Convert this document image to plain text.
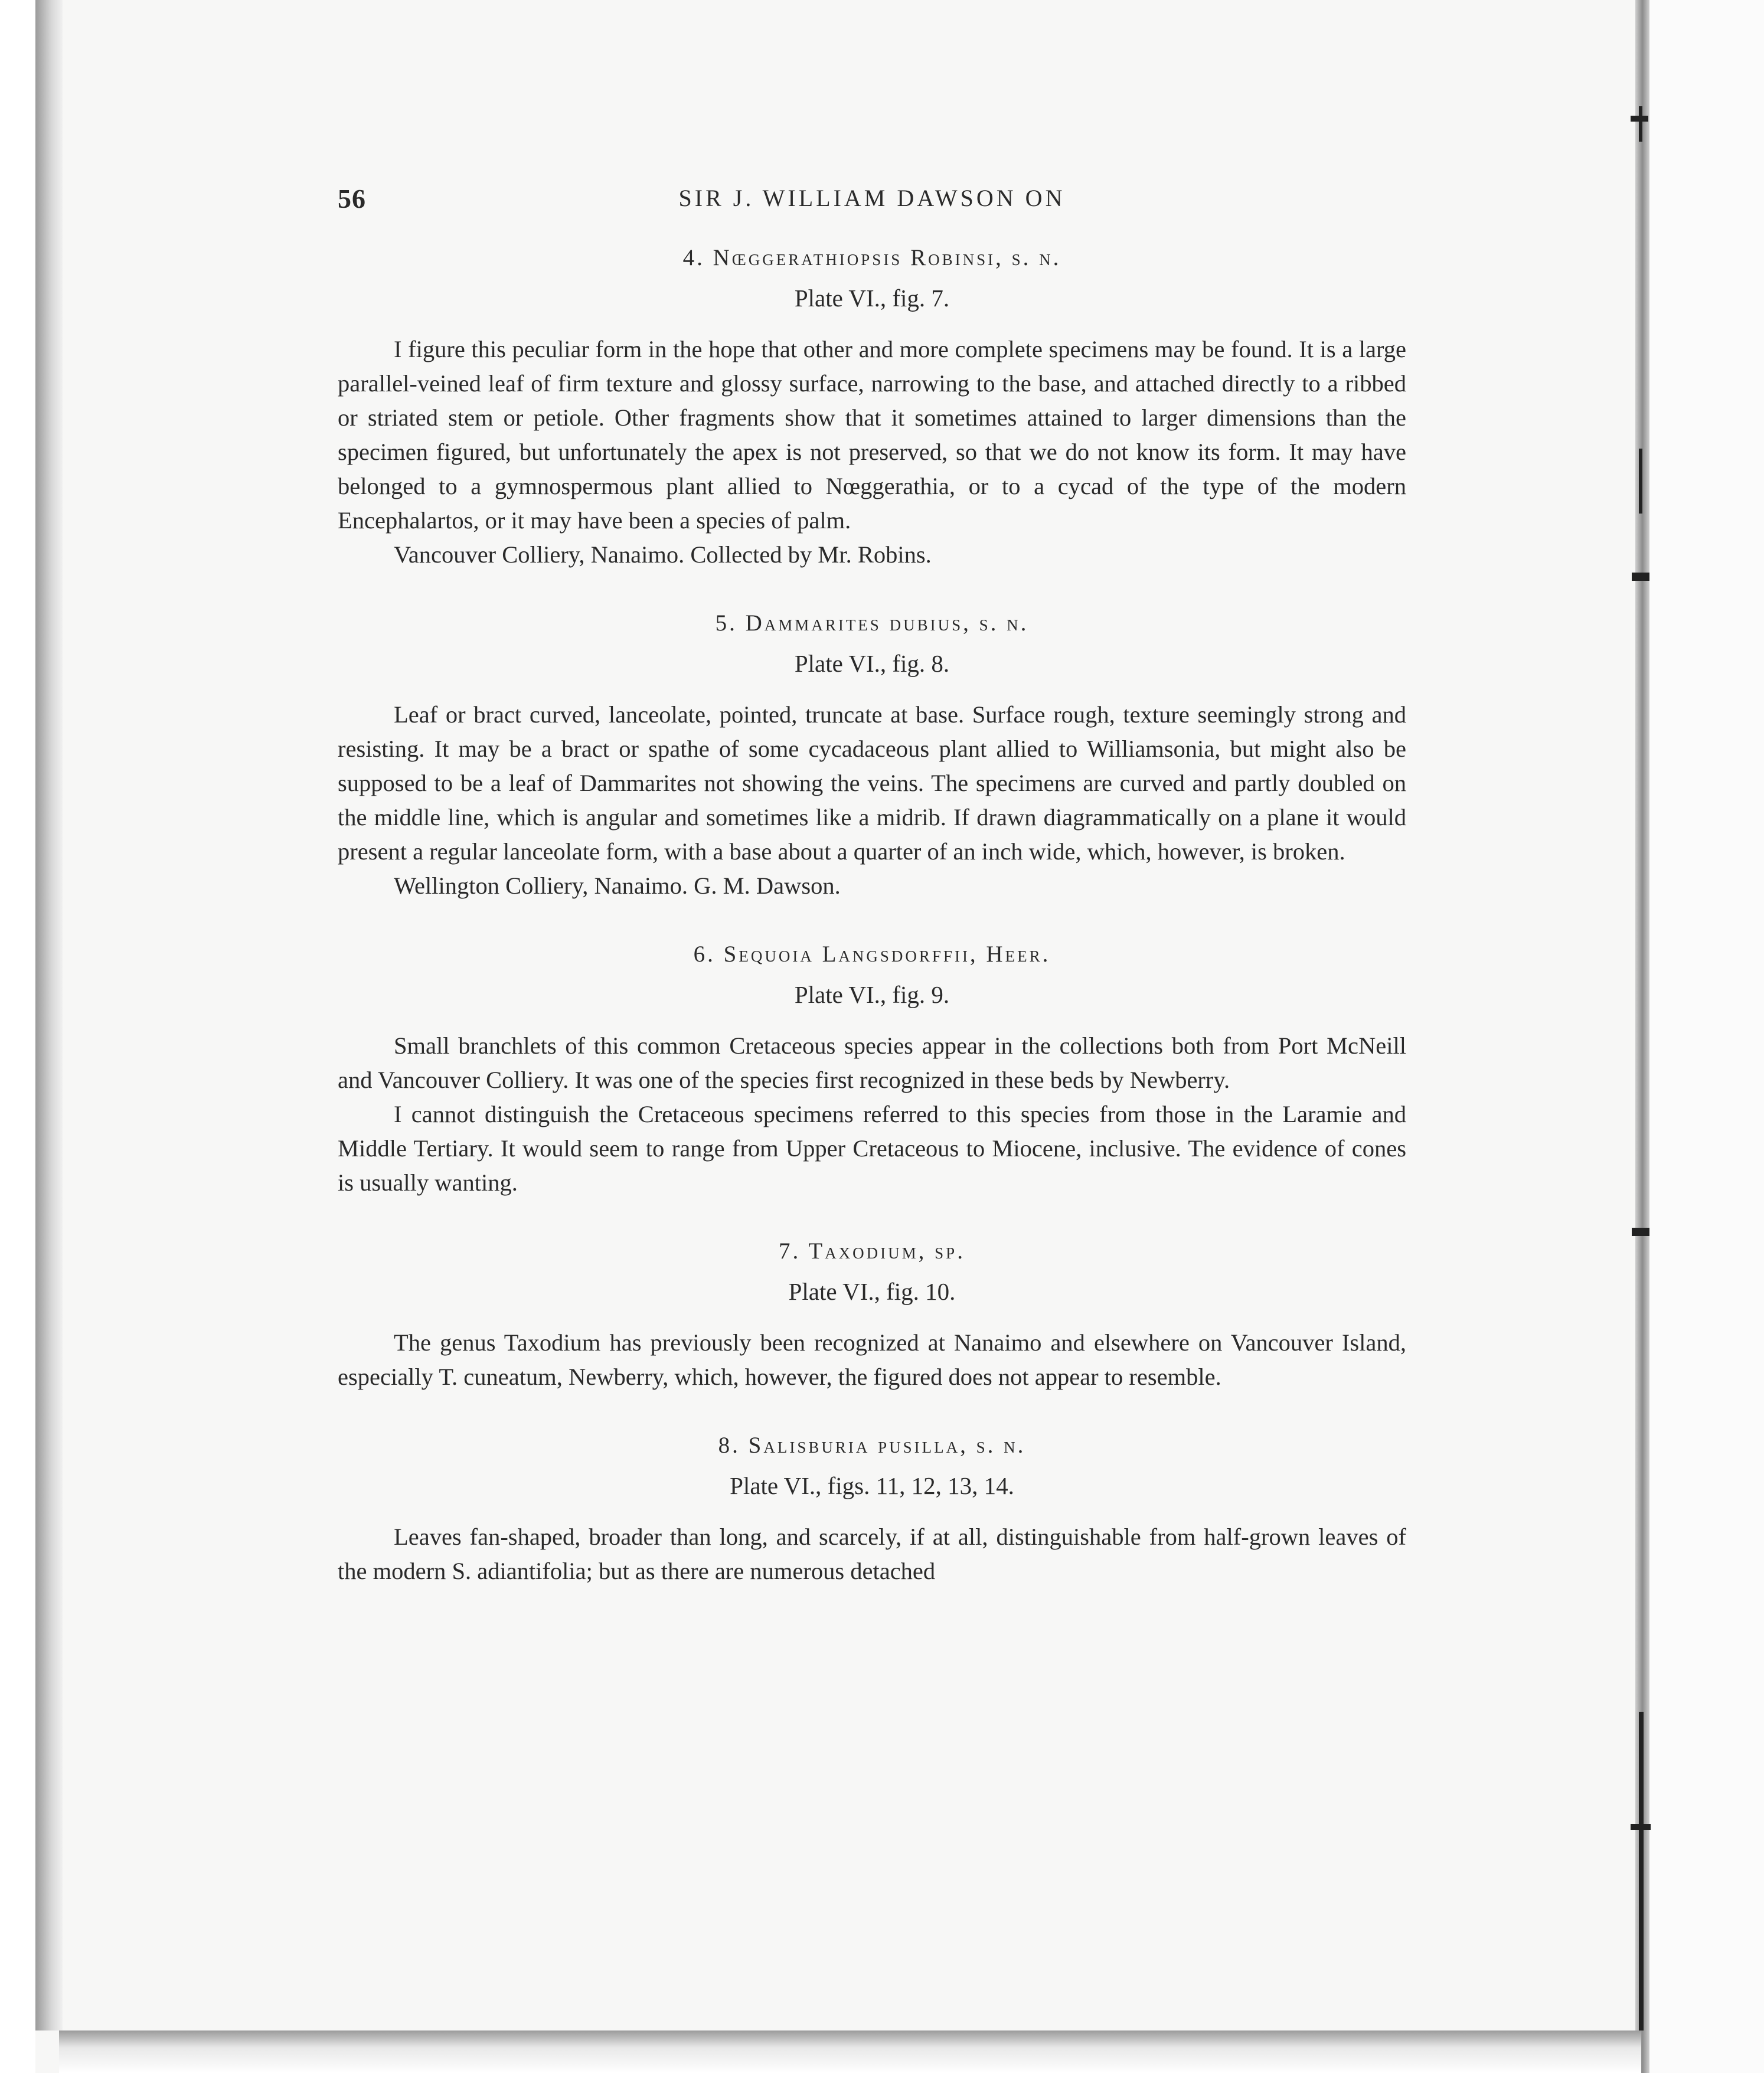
56	SIR J. WILLIAM DAWSON ON
4. Nœggerathiopsis Robinsi, s. n.
Plate VI., fig. 7.

I figure this peculiar form in the hope that other and more complete specimens may be found. It is a large parallel-veined leaf of firm texture and glossy surface, narrowing to the base, and attached directly to a ribbed or striated stem or petiole. Other fragments show that it sometimes attained to larger dimensions than the specimen figured, but unfortunately the apex is not preserved, so that we do not know its form. It may have belonged to a gymnospermous plant allied to Nœggerathia, or to a cycad of the type of the modern Encephalartos, or it may have been a species of palm.

Vancouver Colliery, Nanaimo. Collected by Mr. Robins.

5. Dammarites dubius, s. n.
Plate VI., fig. 8.

Leaf or bract curved, lanceolate, pointed, truncate at base. Surface rough, texture seemingly strong and resisting. It may be a bract or spathe of some cycadaceous plant allied to Williamsonia, but might also be supposed to be a leaf of Dammarites not showing the veins. The specimens are curved and partly doubled on the middle line, which is angular and sometimes like a midrib. If drawn diagrammatically on a plane it would present a regular lanceolate form, with a base about a quarter of an inch wide, which, however, is broken.

Wellington Colliery, Nanaimo. G. M. Dawson.

6. Sequoia Langsdorffii, Heer.
Plate VI., fig. 9.

Small branchlets of this common Cretaceous species appear in the collections both from Port McNeill and Vancouver Colliery. It was one of the species first recognized in these beds by Newberry.

I cannot distinguish the Cretaceous specimens referred to this species from those in the Laramie and Middle Tertiary. It would seem to range from Upper Cretaceous to Miocene, inclusive. The evidence of cones is usually wanting.

7. Taxodium, sp.
Plate VI., fig. 10.

The genus Taxodium has previously been recognized at Nanaimo and elsewhere on Vancouver Island, especially T. cuneatum, Newberry, which, however, the figured does not appear to resemble.

8. Salisburia pusilla, s. n.
Plate VI., figs. 11, 12, 13, 14.

Leaves fan-shaped, broader than long, and scarcely, if at all, distinguishable from half-grown leaves of the modern S. adiantifolia; but as there are numerous detached
